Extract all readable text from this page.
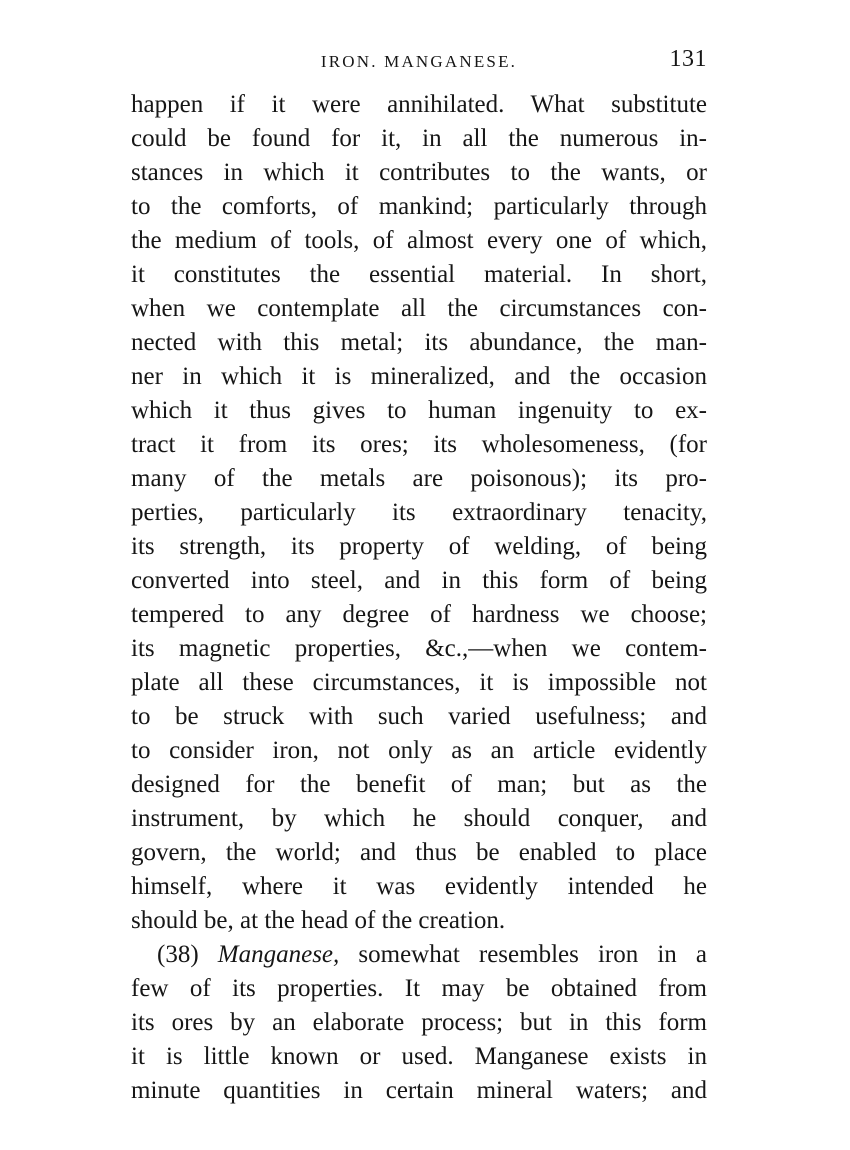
IRON. MANGANESE.	131
happen if it were annihilated. What substitute
could be found for it, in all the numerous in-
stances in which it contributes to the wants, or
to the comforts, of mankind; particularly through
the medium of tools, of almost every one of which,
it constitutes the essential material. In short,
when we contemplate all the circumstances con-
nected with this metal; its abundance, the man-
ner in which it is mineralized, and the occasion
which it thus gives to human ingenuity to ex-
tract it from its ores; its wholesomeness, (for
many of the metals are poisonous); its pro-
perties, particularly its extraordinary tenacity,
its strength, its property of welding, of being
converted into steel, and in this form of being
tempered to any degree of hardness we choose;
its magnetic properties, &c.,—when we contem-
plate all these circumstances, it is impossible not
to be struck with such varied usefulness; and
to consider iron, not only as an article evidently
designed for the benefit of man; but as the
instrument, by which he should conquer, and
govern, the world; and thus be enabled to place
himself, where it was evidently intended he
should be, at the head of the creation.
(38) Manganese, somewhat resembles iron in a
few of its properties. It may be obtained from
its ores by an elaborate process; but in this form
it is little known or used. Manganese exists in
minute quantities in certain mineral waters; and
